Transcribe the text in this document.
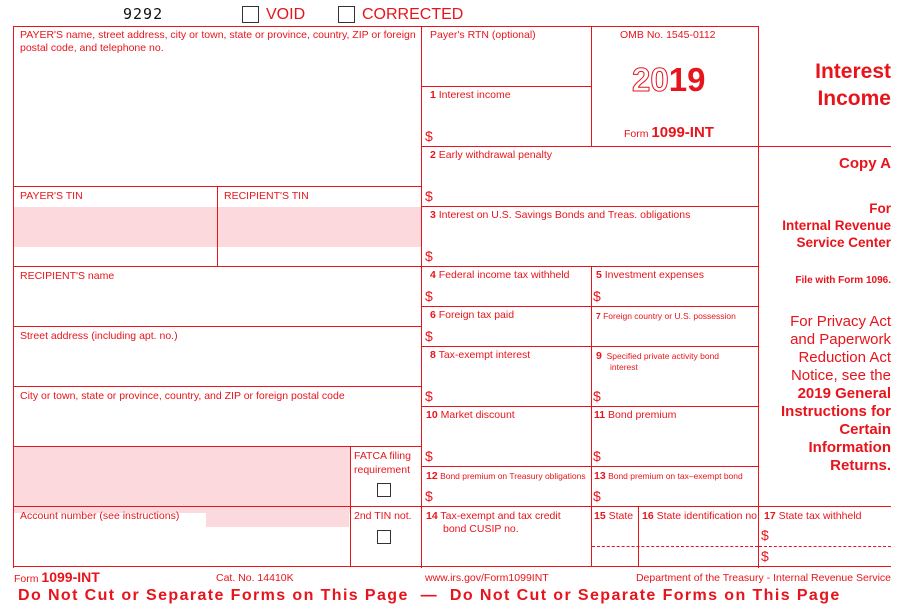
9292	VOID	CORRECTED
PAYER'S name, street address, city or town, state or province, country, ZIP or foreign postal code, and telephone no.
PAYER'S TIN	RECIPIENT'S TIN
RECIPIENT'S name
Street address (including apt. no.)
City or town, state or province, country, and ZIP or foreign postal code
FATCA filing
requirement
Account number (see instructions)	2nd TIN not.
Payer's RTN (optional)
1 Interest income
$
2 Early withdrawal penalty
$
3 Interest on U.S. Savings Bonds and Treas. obligations
$
4 Federal income tax withheld
$
5 Investment expenses
$
6 Foreign tax paid
$
7 Foreign country or U.S. possession
8 Tax-exempt interest
$
9 Specified private activity bond
interest
$
10 Market discount
$
11 Bond premium
$
12 Bond premium on Treasury obligations
$
13 Bond premium on tax–exempt bond
$
14 Tax-exempt and tax credit
bond CUSIP no.
15 State 16 State identification no. 17 State tax withheld
$
$
OMB No. 1545-0112
2019
Form 1099-INT
Interest
Income
Copy A
For
Internal Revenue
Service Center
File with Form 1096.
For Privacy Act
and Paperwork
Reduction Act
Notice, see the
2019 General
Instructions for
Certain
Information
Returns.
Form 1099-INT	Cat. No. 14410K	www.irs.gov/Form1099INT	Department of the Treasury - Internal Revenue Service
Do Not Cut or Separate Forms on This Page — Do Not Cut or Separate Forms on This Page
